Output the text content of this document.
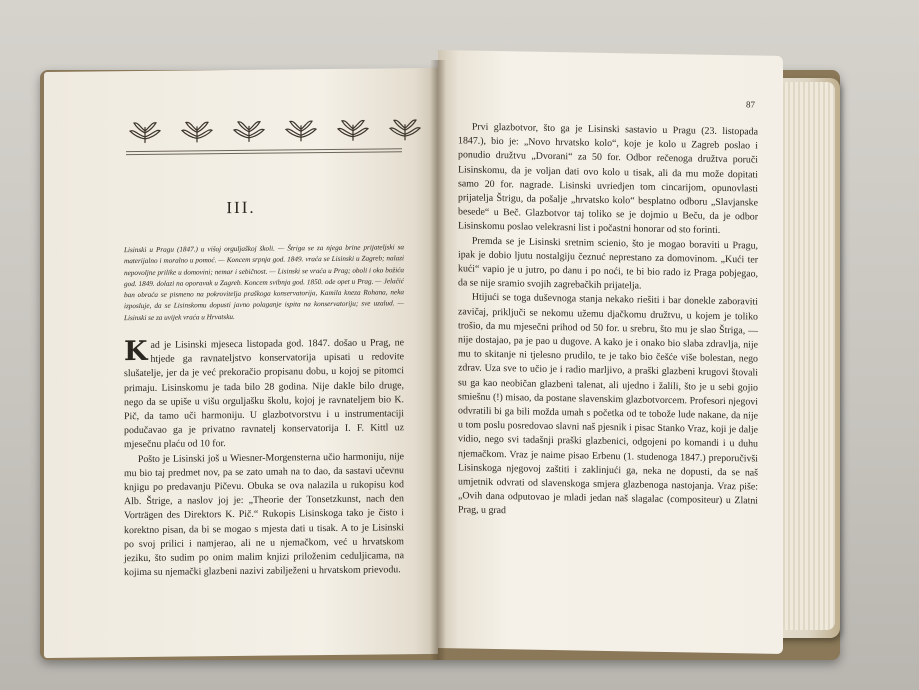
III.

Lisinski u Pragu (1847.) u višoj orguljaškoj školi. — Štriga se za njega brine prijateljski sa materijalno i moralno u pomoć. — Koncem srpnja god. 1849. vraća se Lisinski u Zagreb; nalazi nepovoljne prilike u domovini; nemar i sebičnost. — Lisinski se vraća u Prag; oboli i oko božića god. 1849. dolazi na oporavak u Zagreb. Koncem svibnja god. 1850. ode opet u Prag. — Jelačić ban obraća se pismeno na pokrovitelja praškoga konservatorija, Kamila kneza Rohana, neka izposluje, da se Lisinskomu dopusti javno polaganje ispita na konservatoriju; sve uzalud. — Lisinski se za uvijek vraća u Hrvatsku.

Kad je Lisinski mjeseca listopada god. 1847. došao u Prag, ne htjede ga ravnateljstvo konservatorija upisati u redovite slušatelje, jer da je već prekoračio propisanu dobu, u kojoj se pitomci primaju. Lisinskomu je tada bilo 28 godina. Nije dakle bilo druge, nego da se upiše u višu orguljašku školu, kojoj je ravnateljem bio K. Pič, da tamo uči harmoniju. U glazbotvorstvu i u instrumentaciji podučavao ga je privatno ravnatelj konservatorija I. F. Kittl uz mjesečnu plaću od 10 for.

Pošto je Lisinski još u Wiesner-Morgensterna učio harmoniju, nije mu bio taj predmet nov, pa se zato umah na to dao, da sastavi učevnu knjigu po predavanju Pičevu. Obuka se ova nalazila u rukopisu kod Alb. Štrige, a naslov joj je: „Theorie der Tonsetzkunst, nach den Vorträgen des Direktors K. Pič.“ Rukopis Lisinskoga takо je čisto i korektno pisan, da bi se mogao s mjesta dati u tisak. A to je Lisinski po svoj prilici i namjerao, ali ne u njemačkom, već u hrvatskom jeziku, što sudim po onim malim knjizi priloženim ceduljicama, na kojima su njemački glazbeni nazivi zabilježeni u hrvatskom prievodu.

87

Prvi glazbotvor, što ga je Lisinski sastavio u Pragu (23. listopada 1847.), bio je: „Novo hrvatsko kolo“, koje je kolo u Zagreb poslao i ponudio družtvu „Dvorani“ za 50 for. Odbor rečenoga družtva poruči Lisinskomu, da je voljan dati ovo kolo u tisak, ali da mu može dopitati samo 20 for. nagrade. Lisinski uvriedjen tom cincarijom, opunovlasti prijatelja Štrigu, da pošalje „hrvatsko kolo“ besplatno odboru „Slavjanske besede“ u Beč. Glazbotvor taj toliko se je dojmio u Beču, da je odbor Lisinskomu poslao velekrasni list i počastni honorar od sto forinti.

Premda se je Lisinski sretnim scienio, što je mogao boraviti u Pragu, ipak je dobio ljutu nostalgiju čeznuć neprestano za domovinom. „Kući ter kući“ vapio je u jutro, po danu i po noći, te bi bio rado iz Praga pobjegao, da se nije sramio svojih zagrebačkih prijatelja.

Htijući se toga duševnoga stanja nekako riešiti i bar donekle zaboraviti zavičaj, priključi se nekomu užemu djačkomu družtvu, u kojem je toliko trošio, da mu mjesečni prihod od 50 for. u srebru, što mu je slao Štriga, — nije dostajao, pa je pao u dugove. A kako je i onako bio slaba zdravlja, nije mu to skitanje ni tjelesno prudilo, te je tako bio češće više bolestan, nego zdrav. Uza sve to učio je i radio marljivo, a praški glazbeni krugovi štovali su ga kao neobičan glazbeni talenat, ali ujedno i žalili, što je u sebi gojio smiešnu (!) misao, da postane slavenskim glazbotvorcem. Profesori njegovi odvratili bi ga bili možda umah s početka od te tobože lude nakane, da nije u tom poslu posredovao slavni naš pjesnik i pisac Stanko Vraz, koji je dalje vidio, nego svi tadašnji praški glazbenici, odgojeni po komandi i u duhu njemačkom. Vraz je naime pisao Erbenu (1. studenoga 1847.) preporučivši Lisinskoga njegovoj zaštiti i zaklinjući ga, neka ne dopusti, da se naš umjetnik odvrati od slavenskoga smjera glazbenoga nastojanja. Vraz piše: „Ovih dana odputovao je mladi jedan naš slagalac (compositeur) u Zlatni Prag, u grad
